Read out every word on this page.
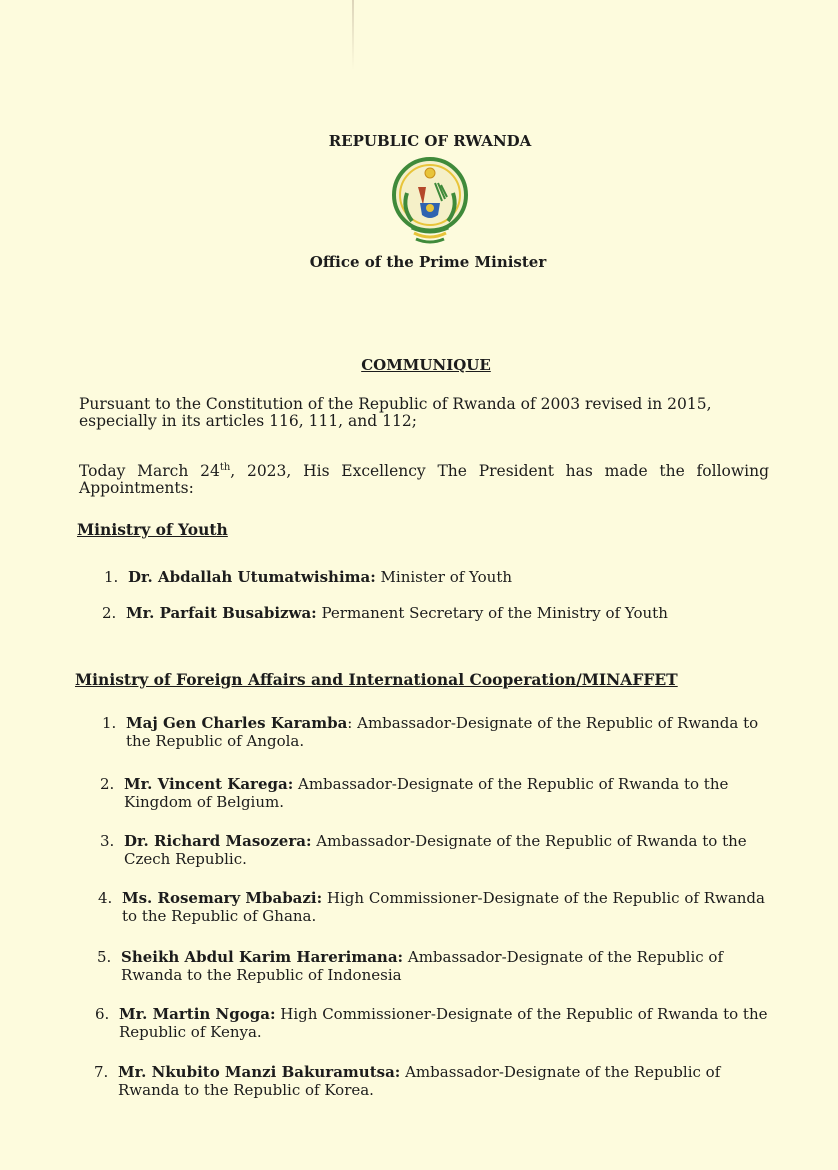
REPUBLIC OF RWANDA
Office of the Prime Minister
COMMUNIQUE
Pursuant to the Constitution of the Republic of Rwanda of 2003 revised in 2015, especially in its articles 116, 111, and 112;
Today March 24th, 2023, His Excellency The President has made the following Appointments:
Ministry of Youth
1. Dr. Abdallah Utumatwishima: Minister of Youth
2. Mr. Parfait Busabizwa: Permanent Secretary of the Ministry of Youth
Ministry of Foreign Affairs and International Cooperation/MINAFFET
1. Maj Gen Charles Karamba: Ambassador-Designate of the Republic of Rwanda to the Republic of Angola.
2. Mr. Vincent Karega: Ambassador-Designate of the Republic of Rwanda to the Kingdom of Belgium.
3. Dr. Richard Masozera: Ambassador-Designate of the Republic of Rwanda to the Czech Republic.
4. Ms. Rosemary Mbabazi: High Commissioner-Designate of the Republic of Rwanda to the Republic of Ghana.
5. Sheikh Abdul Karim Harerimana: Ambassador-Designate of the Republic of Rwanda to the Republic of Indonesia
6. Mr. Martin Ngoga: High Commissioner-Designate of the Republic of Rwanda to the Republic of Kenya.
7. Mr. Nkubito Manzi Bakuramutsa: Ambassador-Designate of the Republic of Rwanda to the Republic of Korea.
